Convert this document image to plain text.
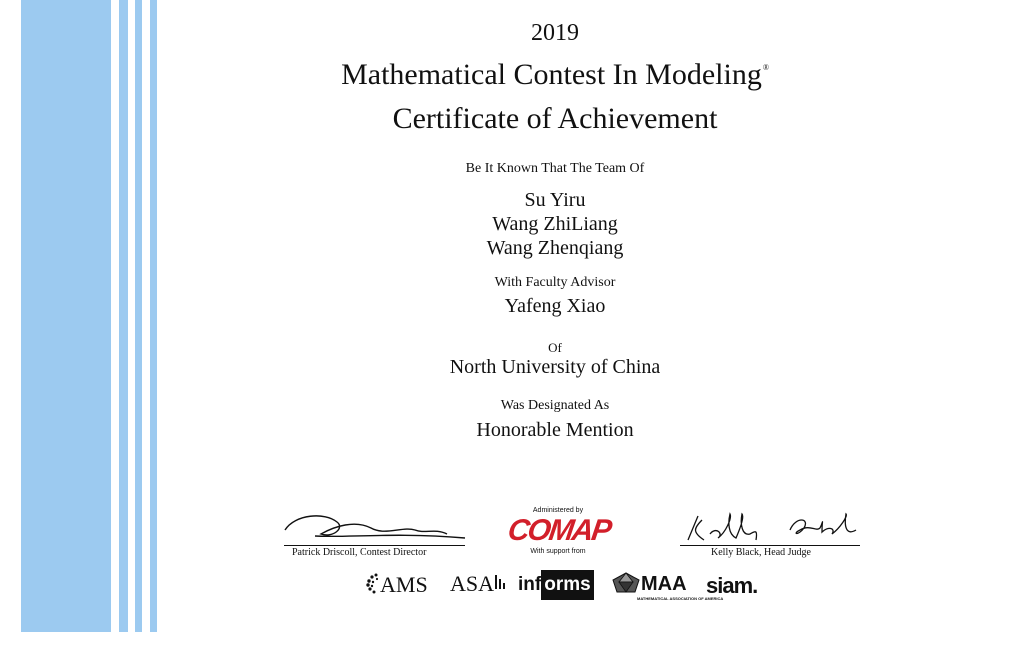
2019
Mathematical Contest In Modeling®
Certificate of Achievement
Be It Known That The Team Of
Su Yiru
Wang ZhiLiang
Wang Zhenqiang
With Faculty Advisor
Yafeng Xiao
Of
North University of China
Was Designated As
Honorable Mention
Patrick Driscoll, Contest Director
Administered by
COMAP
With support from	Kelly Black, Head Judge
AMS ASA	inf orms	MAA
MATHEMATICAL ASSOCIATION OF AMERICA
siam.
